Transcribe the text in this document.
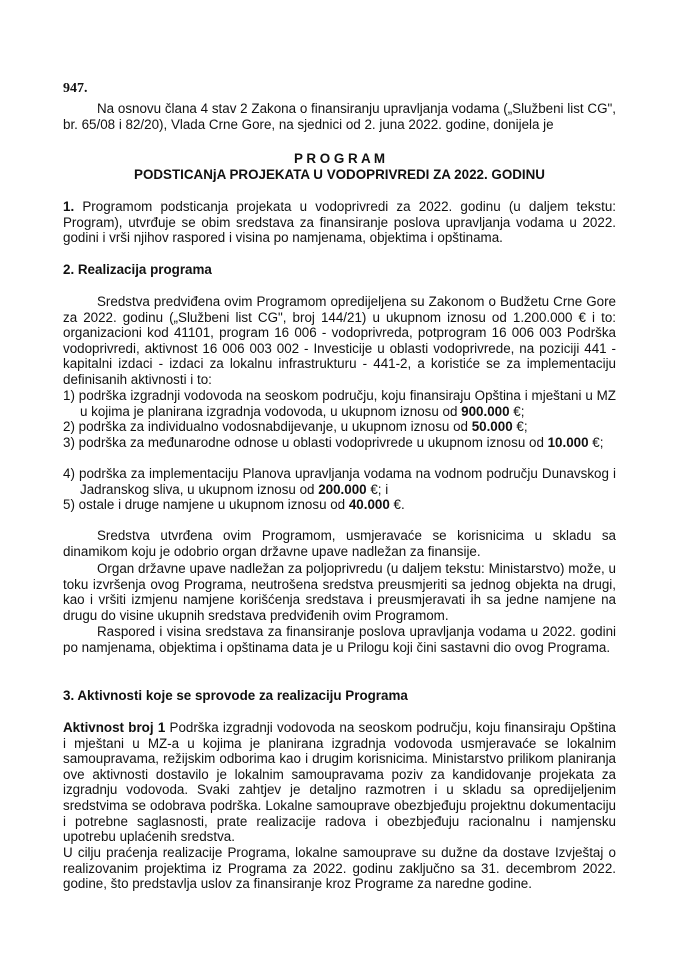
947.

Na osnovu člana 4 stav 2 Zakona o finansiranju upravljanja vodama („Službeni list CG", br. 65/08 i 82/20), Vlada Crne Gore, na sjednici od 2. juna 2022. godine, donijela je

P R O G R A M
PODSTICANjA PROJEKATA U VODOPRIVREDI ZA 2022. GODINU

1. Programom podsticanja projekata u vodoprivredi za 2022. godinu (u daljem tekstu: Program), utvrđuje se obim sredstava za finansiranje poslova upravljanja vodama u 2022. godini i vrši njihov raspored i visina po namjenama, objektima i opštinama.

2. Realizacija programa

Sredstva predviđena ovim Programom opredijeljena su Zakonom o Budžetu Crne Gore za 2022. godinu („Službeni list CG", broj 144/21) u ukupnom iznosu od 1.200.000 € i to: organizacioni kod 41101, program 16 006 - vodoprivreda, potprogram 16 006 003 Podrška vodoprivredi, aktivnost 16 006 003 002 - Investicije u oblasti vodoprivrede, na poziciji 441 - kapitalni izdaci - izdaci za lokalnu infrastrukturu - 441-2, a koristiće se za implementaciju definisanih aktivnosti i to:

1) podrška izgradnji vodovoda na seoskom području, koju finansiraju Opština i mještani u MZ u kojima je planirana izgradnja vodovoda, u ukupnom iznosu od 900.000 €;

2) podrška za individualno vodosnabdijevanje, u ukupnom iznosu od 50.000 €;

3) podrška za međunarodne odnose u oblasti vodoprivrede u ukupnom iznosu od 10.000 €;

4) podrška za implementaciju Planova upravljanja vodama na vodnom području Dunavskog i Jadranskog sliva, u ukupnom iznosu od 200.000 €; i

5) ostale i druge namjene u ukupnom iznosu od 40.000 €.

Sredstva utvrđena ovim Programom, usmjeravaće se korisnicima u skladu sa dinamikom koju je odobrio organ državne upave nadležan za finansije.

Organ državne upave nadležan za poljoprivredu (u daljem tekstu: Ministarstvo) može, u toku izvršenja ovog Programa, neutrošena sredstva preusmjeriti sa jednog objekta na drugi, kao i vršiti izmjenu namjene korišćenja sredstava i preusmjeravati ih sa jedne namjene na drugu do visine ukupnih sredstava predviđenih ovim Programom.

Raspored i visina sredstava za finansiranje poslova upravljanja vodama u 2022. godini po namjenama, objektima i opštinama data je u Prilogu koji čini sastavni dio ovog Programa.

3. Aktivnosti koje se sprovode za realizaciju Programa

Aktivnost broj 1 Podrška izgradnji vodovoda na seoskom području, koju finansiraju Opština i mještani u MZ-a u kojima je planirana izgradnja vodovoda usmjeravaće se lokalnim samoupravama, režijskim odborima kao i drugim korisnicima. Ministarstvo prilikom planiranja ove aktivnosti dostavilo je lokalnim samoupravama poziv za kandidovanje projekata za izgradnju vodovoda. Svaki zahtjev je detaljno razmotren i u skladu sa opredijeljenim sredstvima se odobrava podrška. Lokalne samouprave obezbjeđuju projektnu dokumentaciju i potrebne saglasnosti, prate realizacije radova i obezbjeđuju racionalnu i namjensku upotrebu uplaćenih sredstva.

U cilju praćenja realizacije Programa, lokalne samouprave su dužne da dostave Izvještaj o realizovanim projektima iz Programa za 2022. godinu zaključno sa 31. decembrom 2022. godine, što predstavlja uslov za finansiranje kroz Programe za naredne godine.
